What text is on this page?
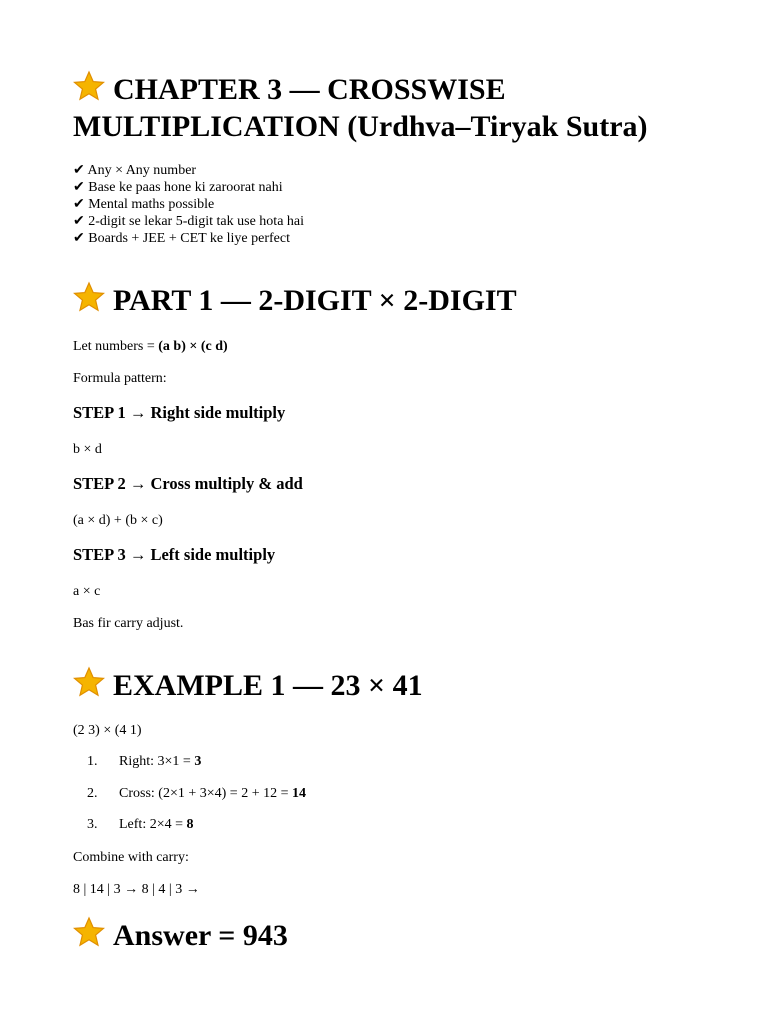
CHAPTER 3 — CROSSWISE
MULTIPLICATION (Urdhva–Tiryak Sutra)
✔ Any × Any number
✔ Base ke paas hone ki zaroorat nahi
✔ Mental maths possible
✔ 2-digit se lekar 5-digit tak use hota hai
✔ Boards + JEE + CET ke liye perfect
PART 1 — 2-DIGIT × 2-DIGIT
Let numbers = (a b) × (c d)
Formula pattern:
STEP 1 → Right side multiply
b × d
STEP 2 → Cross multiply & add
(a × d) + (b × c)
STEP 3 → Left side multiply
a × c
Bas fir carry adjust.
EXAMPLE 1 — 23 × 41
(2 3) × (4 1)
1. Right: 3×1 = 3
2. Cross: (2×1 + 3×4) = 2 + 12 = 14
3. Left: 2×4 = 8
Combine with carry:
8 | 14 | 3 → 8 | 4 | 3 →
Answer = 943
